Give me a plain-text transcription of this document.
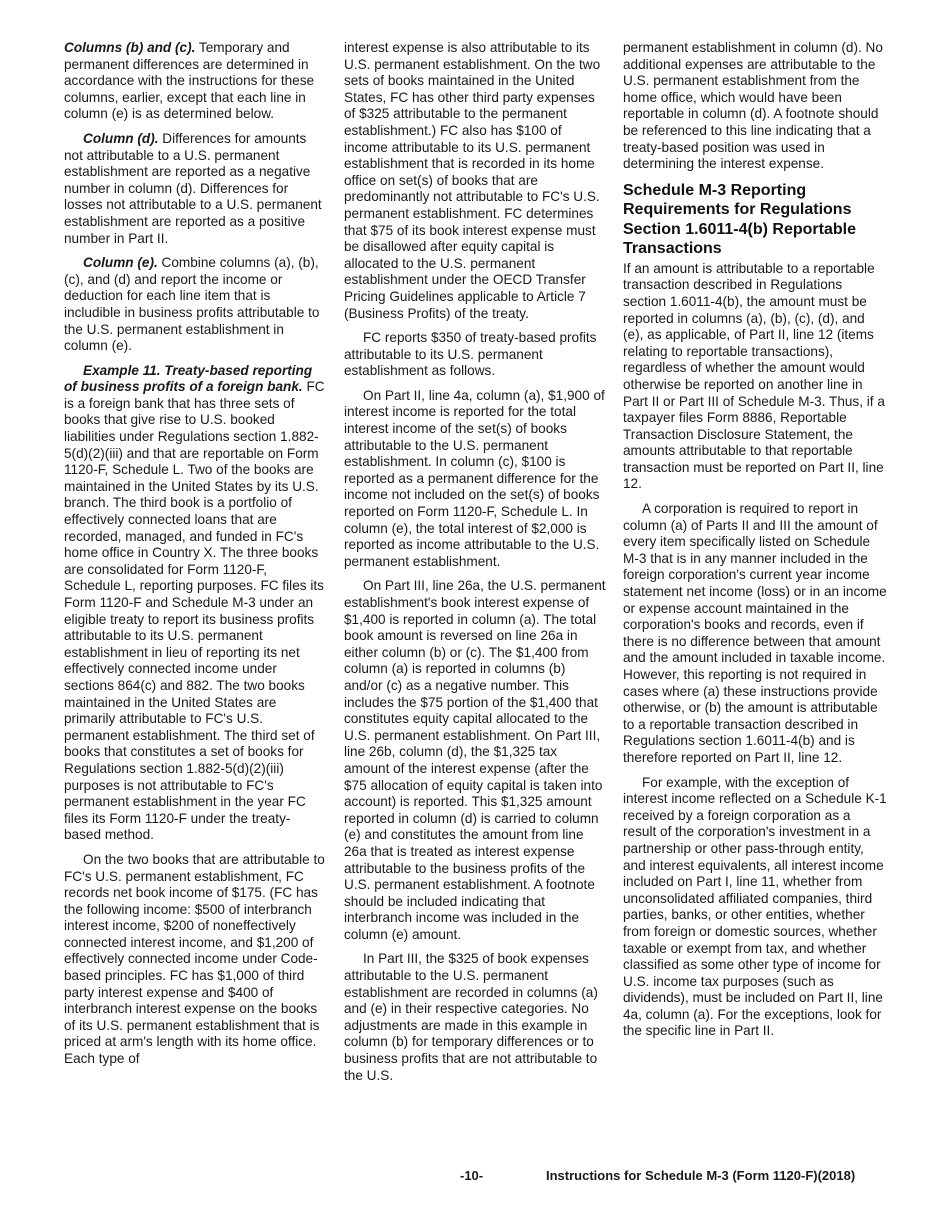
Columns (b) and (c). Temporary and permanent differences are determined in accordance with the instructions for these columns, earlier, except that each line in column (e) is as determined below.

Column (d). Differences for amounts not attributable to a U.S. permanent establishment are reported as a negative number in column (d). Differences for losses not attributable to a U.S. permanent establishment are reported as a positive number in Part II.

Column (e). Combine columns (a), (b), (c), and (d) and report the income or deduction for each line item that is includible in business profits attributable to the U.S. permanent establishment in column (e).

Example 11. Treaty-based reporting of business profits of a foreign bank. FC is a foreign bank that has three sets of books that give rise to U.S. booked liabilities under Regulations section 1.882-5(d)(2)(iii) and that are reportable on Form 1120-F, Schedule L. Two of the books are maintained in the United States by its U.S. branch. The third book is a portfolio of effectively connected loans that are recorded, managed, and funded in FC's home office in Country X. The three books are consolidated for Form 1120-F, Schedule L, reporting purposes. FC files its Form 1120-F and Schedule M-3 under an eligible treaty to report its business profits attributable to its U.S. permanent establishment in lieu of reporting its net effectively connected income under sections 864(c) and 882. The two books maintained in the United States are primarily attributable to FC's U.S. permanent establishment. The third set of books that constitutes a set of books for Regulations section 1.882-5(d)(2)(iii) purposes is not attributable to FC's permanent establishment in the year FC files its Form 1120-F under the treaty-based method.

On the two books that are attributable to FC's U.S. permanent establishment, FC records net book income of $175. (FC has the following income: $500 of interbranch interest income, $200 of noneffectively connected interest income, and $1,200 of effectively connected income under Code-based principles. FC has $1,000 of third party interest expense and $400 of interbranch interest expense on the books of its U.S. permanent establishment that is priced at arm's length with its home office. Each type of

interest expense is also attributable to its U.S. permanent establishment. On the two sets of books maintained in the United States, FC has other third party expenses of $325 attributable to the permanent establishment.) FC also has $100 of income attributable to its U.S. permanent establishment that is recorded in its home office on set(s) of books that are predominantly not attributable to FC's U.S. permanent establishment. FC determines that $75 of its book interest expense must be disallowed after equity capital is allocated to the U.S. permanent establishment under the OECD Transfer Pricing Guidelines applicable to Article 7 (Business Profits) of the treaty.

FC reports $350 of treaty-based profits attributable to its U.S. permanent establishment as follows.

On Part II, line 4a, column (a), $1,900 of interest income is reported for the total interest income of the set(s) of books attributable to the U.S. permanent establishment. In column (c), $100 is reported as a permanent difference for the income not included on the set(s) of books reported on Form 1120-F, Schedule L. In column (e), the total interest of $2,000 is reported as income attributable to the U.S. permanent establishment.

On Part III, line 26a, the U.S. permanent establishment's book interest expense of $1,400 is reported in column (a). The total book amount is reversed on line 26a in either column (b) or (c). The $1,400 from column (a) is reported in columns (b) and/or (c) as a negative number. This includes the $75 portion of the $1,400 that constitutes equity capital allocated to the U.S. permanent establishment. On Part III, line 26b, column (d), the $1,325 tax amount of the interest expense (after the $75 allocation of equity capital is taken into account) is reported. This $1,325 amount reported in column (d) is carried to column (e) and constitutes the amount from line 26a that is treated as interest expense attributable to the business profits of the U.S. permanent establishment. A footnote should be included indicating that interbranch income was included in the column (e) amount.

In Part III, the $325 of book expenses attributable to the U.S. permanent establishment are recorded in columns (a) and (e) in their respective categories. No adjustments are made in this example in column (b) for temporary differences or to business profits that are not attributable to the U.S.

permanent establishment in column (d). No additional expenses are attributable to the U.S. permanent establishment from the home office, which would have been reportable in column (d). A footnote should be referenced to this line indicating that a treaty-based position was used in determining the interest expense.

Schedule M-3 Reporting Requirements for Regulations Section 1.6011-4(b) Reportable Transactions

If an amount is attributable to a reportable transaction described in Regulations section 1.6011-4(b), the amount must be reported in columns (a), (b), (c), (d), and (e), as applicable, of Part II, line 12 (items relating to reportable transactions), regardless of whether the amount would otherwise be reported on another line in Part II or Part III of Schedule M-3. Thus, if a taxpayer files Form 8886, Reportable Transaction Disclosure Statement, the amounts attributable to that reportable transaction must be reported on Part II, line 12.

A corporation is required to report in column (a) of Parts II and III the amount of every item specifically listed on Schedule M-3 that is in any manner included in the foreign corporation's current year income statement net income (loss) or in an income or expense account maintained in the corporation's books and records, even if there is no difference between that amount and the amount included in taxable income. However, this reporting is not required in cases where (a) these instructions provide otherwise, or (b) the amount is attributable to a reportable transaction described in Regulations section 1.6011-4(b) and is therefore reported on Part II, line 12.

For example, with the exception of interest income reflected on a Schedule K-1 received by a foreign corporation as a result of the corporation's investment in a partnership or other pass-through entity, and interest equivalents, all interest income included on Part I, line 11, whether from unconsolidated affiliated companies, third parties, banks, or other entities, whether from foreign or domestic sources, whether taxable or exempt from tax, and whether classified as some other type of income for U.S. income tax purposes (such as dividends), must be included on Part II, line 4a, column (a). For the exceptions, look for the specific line in Part II.

-10-	Instructions for Schedule M-3 (Form 1120-F)(2018)
